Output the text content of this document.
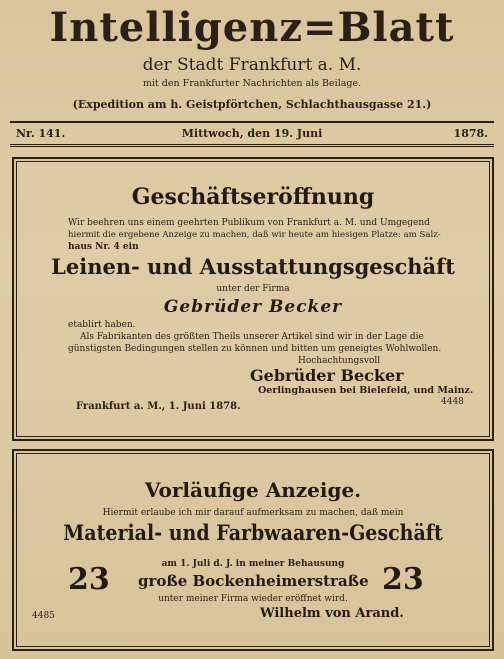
Intelligenz=Blatt
der Stadt Frankfurt a. M.
mit den Frankfurter Nachrichten als Beilage.
(Expedition am h. Geistpförtchen, Schlachthausgasse 21.)
Nr. 141.	Mittwoch, den 19. Juni	1878.
Geschäftseröffnung
Wir beehren uns einem geehrten Publikum von Frankfurt a. M. und Umgegend
hiermit die ergebene Anzeige zu machen, daß wir heute am hiesigen Platze: am Salz-
haus Nr. 4 ein
Leinen- und Ausstattungsgeschäft
unter der Firma
Gebrüder Becker
etablirt haben.
Als Fabrikanten des größten Theils unserer Artikel sind wir in der Lage die
günstigsten Bedingungen stellen zu können und bitten um geneigtes Wohlwollen.
Hochachtungsvoll
Gebrüder Becker
Oerlinghausen bei Bielefeld, und Mainz.
Frankfurt a. M., 1. Juni 1878.	4448
Vorläufige Anzeige.
Hiermit erlaube ich mir darauf aufmerksam zu machen, daß mein
Material- und Farbwaaren-Geschäft
am 1. Juli d. J. in meiner Behausung
23 große Bockenheimerstraße 23
unter meiner Firma wieder eröffnet wird.
4485	Wilhelm von Arand.
